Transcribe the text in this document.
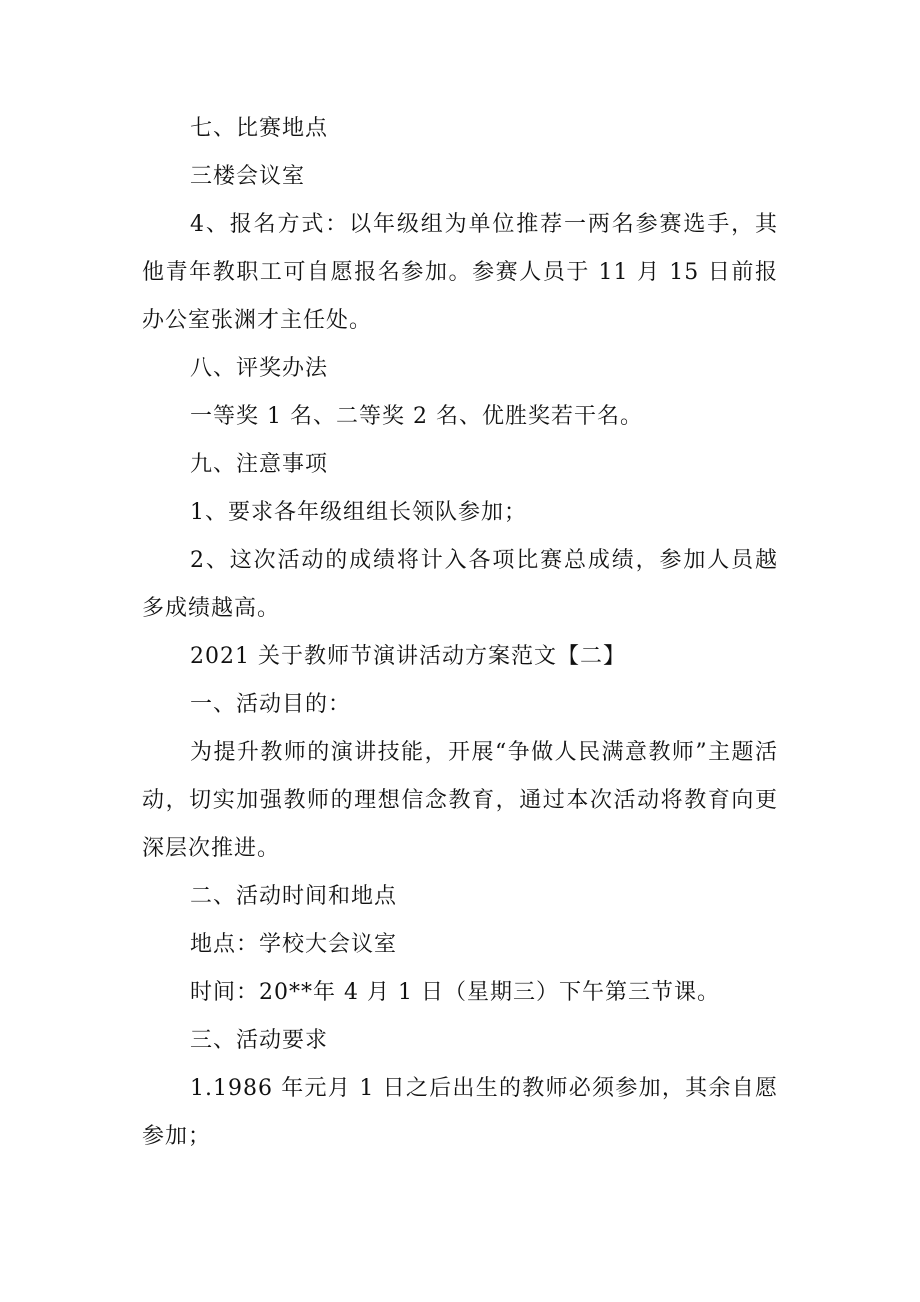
七、比赛地点

三楼会议室

4、报名方式：以年级组为单位推荐一两名参赛选手，其他青年教职工可自愿报名参加。参赛人员于 11 月 15 日前报办公室张渊才主任处。

八、评奖办法

一等奖 1 名、二等奖 2 名、优胜奖若干名。

九、注意事项

1、要求各年级组组长领队参加；

2、这次活动的成绩将计入各项比赛总成绩，参加人员越多成绩越高。

2021 关于教师节演讲活动方案范文【二】

一、活动目的：

为提升教师的演讲技能，开展“争做人民满意教师”主题活动，切实加强教师的理想信念教育，通过本次活动将教育向更深层次推进。

二、活动时间和地点

地点：学校大会议室

时间：20**年 4 月 1 日（星期三）下午第三节课。

三、活动要求

1.1986 年元月 1 日之后出生的教师必须参加，其余自愿参加；
